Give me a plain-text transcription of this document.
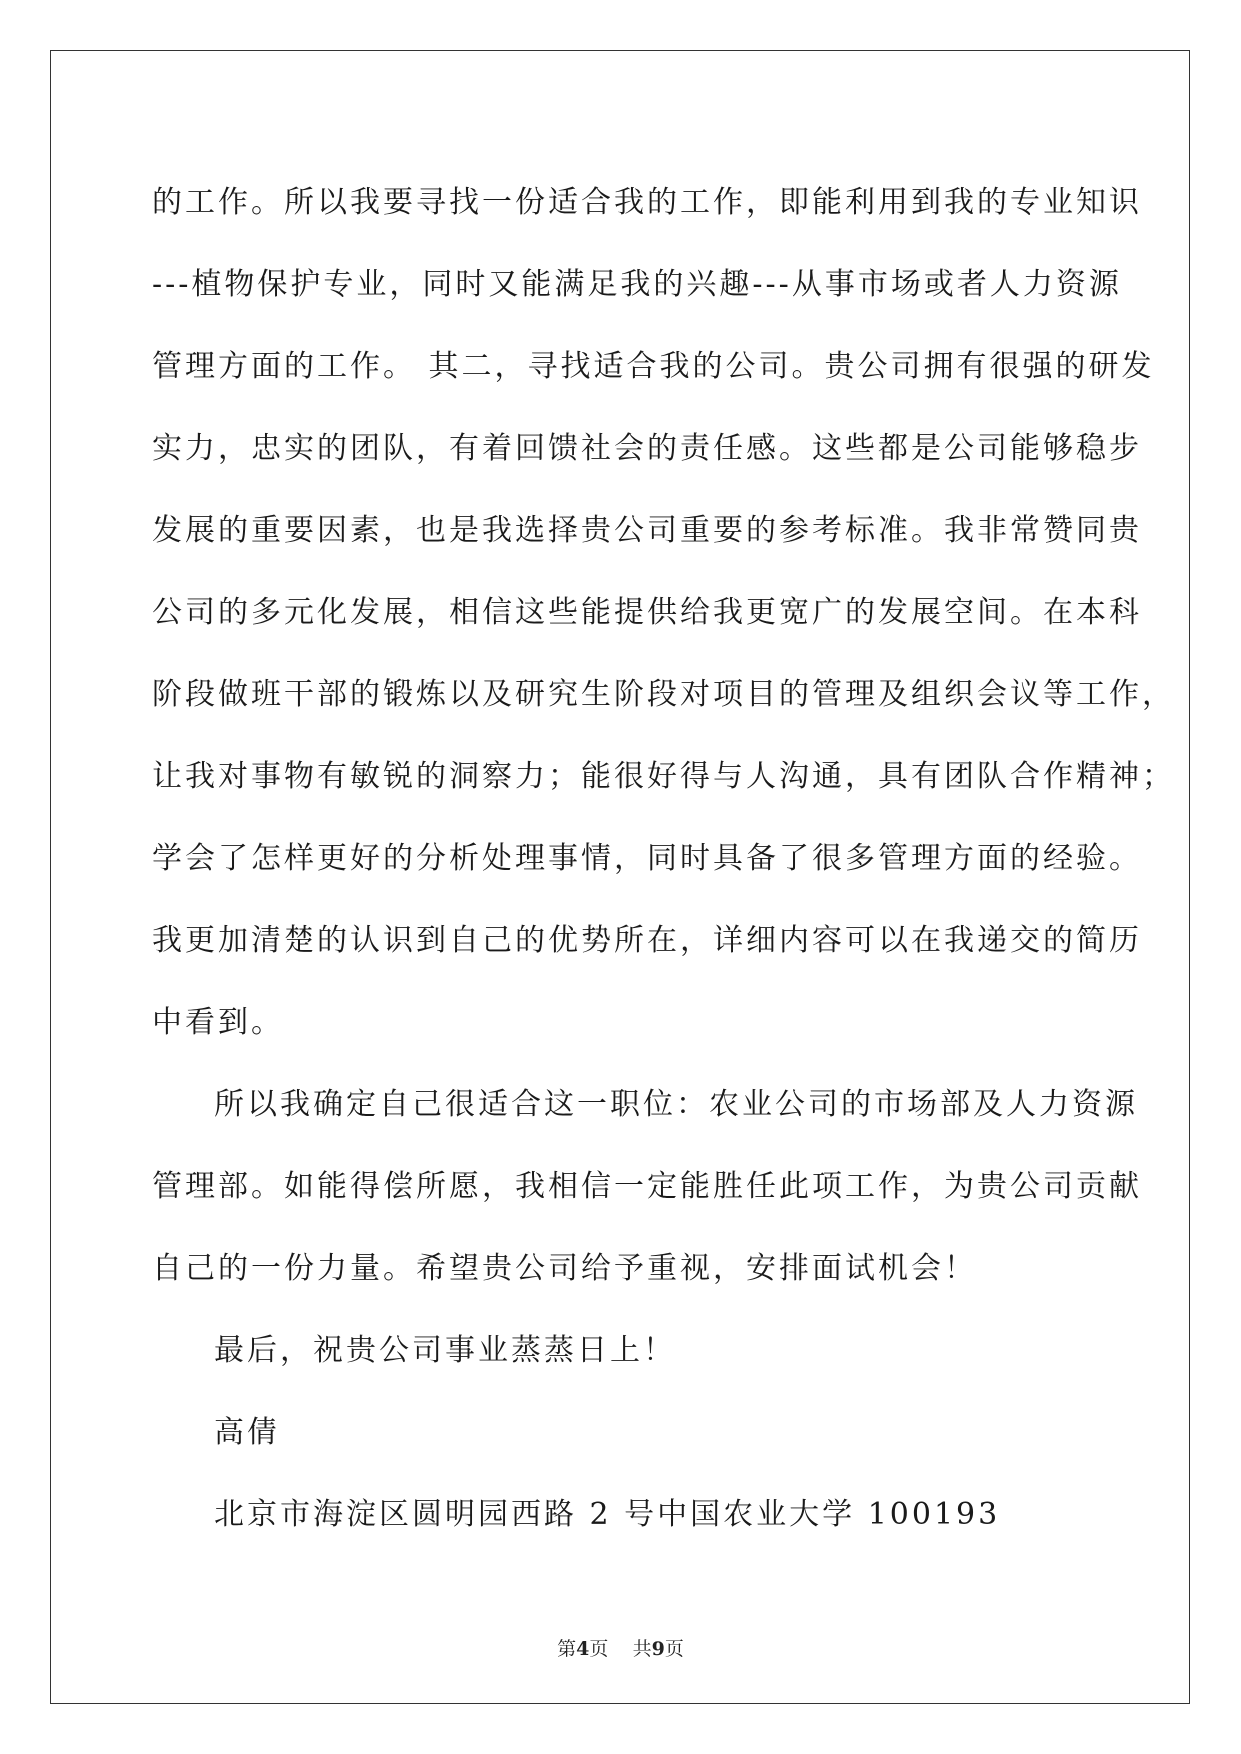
的工作。所以我要寻找一份适合我的工作，即能利用到我的专业知识
---植物保护专业，同时又能满足我的兴趣---从事市场或者人力资源
管理方面的工作。 其二，寻找适合我的公司。贵公司拥有很强的研发
实力，忠实的团队，有着回馈社会的责任感。这些都是公司能够稳步
发展的重要因素，也是我选择贵公司重要的参考标准。我非常赞同贵
公司的多元化发展，相信这些能提供给我更宽广的发展空间。在本科
阶段做班干部的锻炼以及研究生阶段对项目的管理及组织会议等工作，
让我对事物有敏锐的洞察力；能很好得与人沟通，具有团队合作精神；
学会了怎样更好的分析处理事情，同时具备了很多管理方面的经验。
我更加清楚的认识到自己的优势所在，详细内容可以在我递交的简历
中看到。
所以我确定自己很适合这一职位：农业公司的市场部及人力资源
管理部。如能得偿所愿，我相信一定能胜任此项工作，为贵公司贡献
自己的一份力量。希望贵公司给予重视，安排面试机会！
最后，祝贵公司事业蒸蒸日上！
高倩
北京市海淀区圆明园西路 2 号中国农业大学 100193
第4页 共9页
